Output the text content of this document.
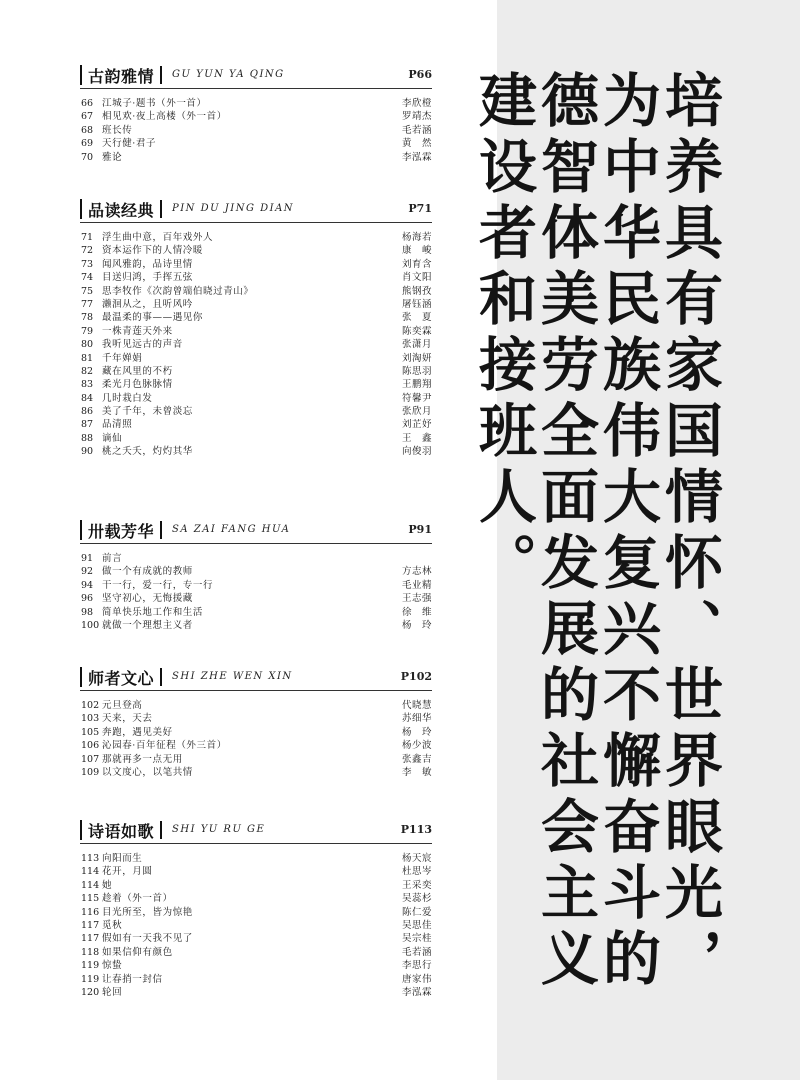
古韵雅情 GU YUN YA QING	P66
66 江城子·题书（外一首）	李欣橙
67 相见欢·夜上高楼（外一首）	罗靖杰
68 班长传	毛若涵
69 天行健·君子	黄　然
70 雅论	李泓霖
品读经典 PIN DU JING DIAN	P71
71 浮生曲中意，百年戏外人	杨海若
72 资本运作下的人情冷暖	康　峻
73 闻风雅韵，品诗里情	刘育含
74 目送归鸿，手挥五弦	肖文阳
75 思李牧作《次韵曾端伯晓过青山》	熊钢孜
77 濑洄从之，且听风吟	屠钰涵
78 最温柔的事——遇见你	张　夏
79 一株青莲天外来	陈奕霖
80 我听见远古的声音	张潇月
81 千年婵娟	刘淘妍
82 藏在风里的不朽	陈思羽
83 柔光月色脉脉情	王鹏翔
84 几时栽白发	符馨尹
86 美了千年，未曾淡忘	张欣月
87 品清照	刘芷妤
88 谪仙	王　鑫
90 桃之夭夭，灼灼其华	向俊羽
卅载芳华 SA ZAI FANG HUA	P91
91 前言
92 做一个有成就的教师	方志林
94 干一行，爱一行，专一行	毛业精
96 坚守初心，无悔援藏	王志强
98 简单快乐地工作和生活	徐　维
100 就做一个理想主义者	杨　玲
师者文心 SHI ZHE WEN XIN	P102
102 元旦登高	代晓慧
103 天来，天去	苏细华
105 奔跑，遇见美好	杨　玲
106 沁园春·百年征程（外三首）	杨少波
107 那就再多一点无用	张鑫吉
109 以文度心，以笔共情	李　敏
诗语如歌 SHI YU RU GE	P113
113 向阳而生	杨天宸
114 花开，月圆	杜思岑
114 她	王采奕
115 趁着（外一首）	吴蕊杉
116 目光所至，皆为惊艳	陈仁爱
117 觅秋	吴思佳
117 假如有一天我不见了	吴宗桂
118 如果信仰有颜色	毛若涵
119 惊蛰	李思行
119 让春捎一封信	唐家伟
120 轮回	李泓霖	培养具有家国情怀、世界眼光，为中华民族伟大复兴不懈奋斗的德智体美劳全面发展的社会主义建设者和接班人。
